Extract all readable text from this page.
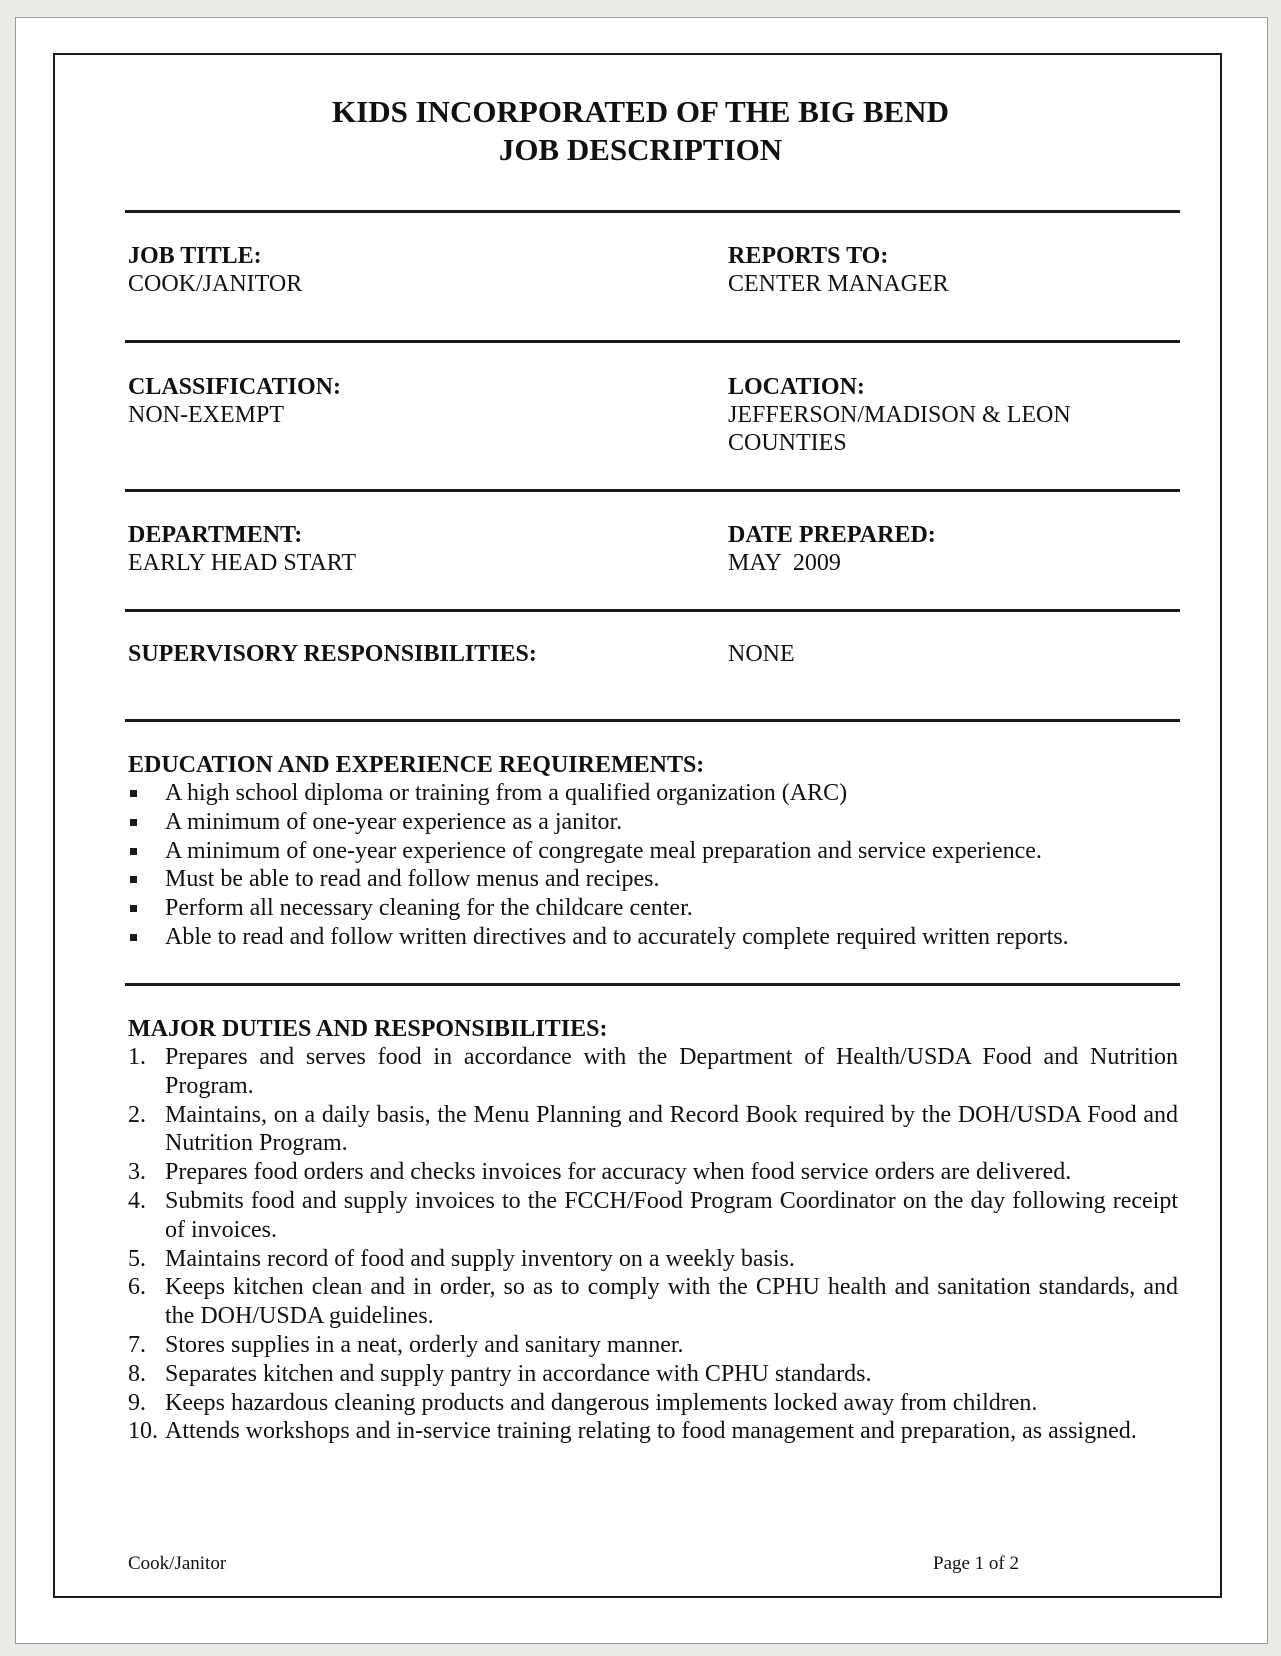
KIDS INCORPORATED OF THE BIG BEND
JOB DESCRIPTION
JOB TITLE:
COOK/JANITOR
REPORTS TO:
CENTER MANAGER
CLASSIFICATION:
NON-EXEMPT
LOCATION:
JEFFERSON/MADISON & LEON
COUNTIES
DEPARTMENT:
EARLY HEAD START
DATE PREPARED:
MAY  2009
SUPERVISORY RESPONSIBILITIES:	NONE
EDUCATION AND EXPERIENCE REQUIREMENTS:
A high school diploma or training from a qualified organization (ARC)
A minimum of one-year experience as a janitor.
A minimum of one-year experience of congregate meal preparation and service experience.
Must be able to read and follow menus and recipes.
Perform all necessary cleaning for the childcare center.
Able to read and follow written directives and to accurately complete required written reports.
MAJOR DUTIES AND RESPONSIBILITIES:
1. Prepares and serves food in accordance with the Department of Health/USDA Food and Nutrition Program.
2. Maintains, on a daily basis, the Menu Planning and Record Book required by the DOH/USDA Food and Nutrition Program.
3. Prepares food orders and checks invoices for accuracy when food service orders are delivered.
4. Submits food and supply invoices to the FCCH/Food Program Coordinator on the day following receipt of invoices.
5. Maintains record of food and supply inventory on a weekly basis.
6. Keeps kitchen clean and in order, so as to comply with the CPHU health and sanitation standards, and the DOH/USDA guidelines.
7. Stores supplies in a neat, orderly and sanitary manner.
8. Separates kitchen and supply pantry in accordance with CPHU standards.
9. Keeps hazardous cleaning products and dangerous implements locked away from children.
10. Attends workshops and in-service training relating to food management and preparation, as assigned.
Cook/Janitor	Page 1 of 2
